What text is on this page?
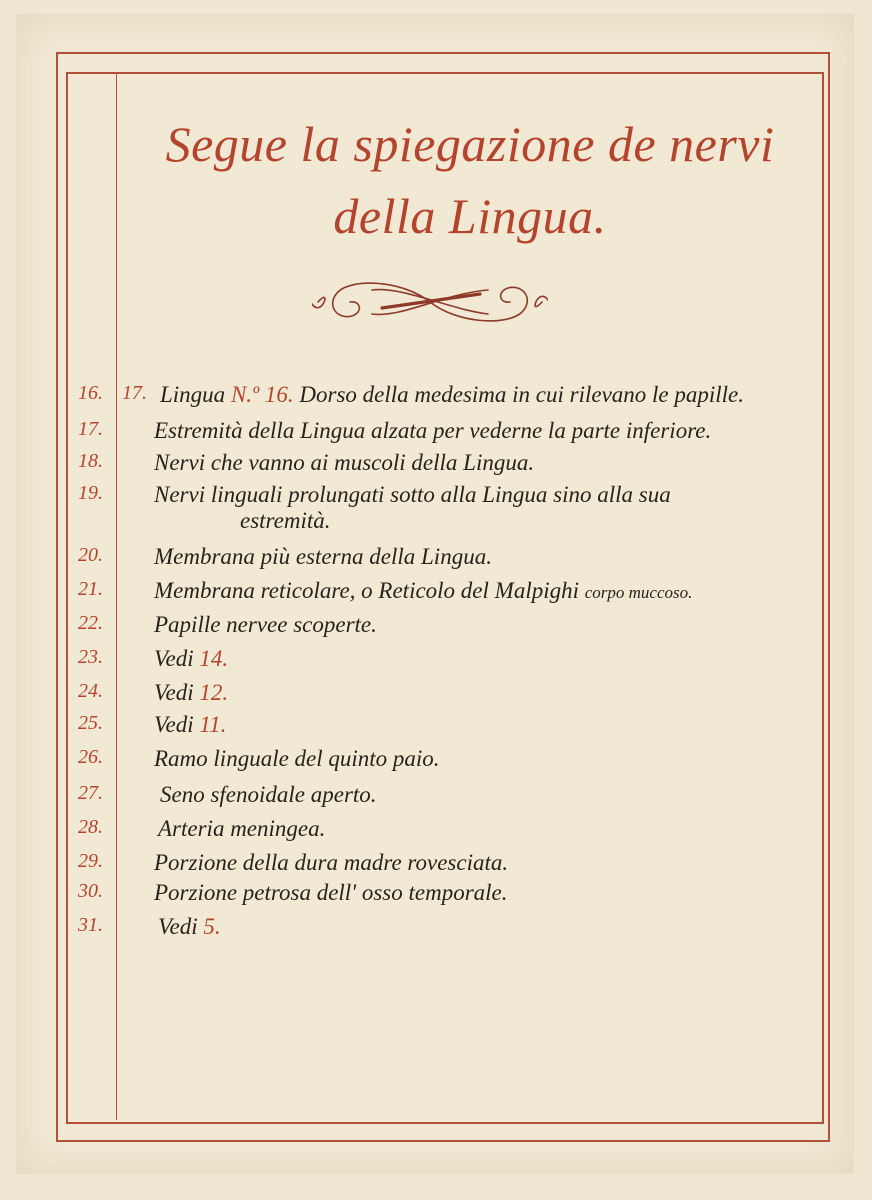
Segue la spiegazione de nervi
della Lingua.
16. 17. Lingua N.º 16. Dorso della medesima in cui rilevano le papille.
17.	Estremità della Lingua alzata per vederne la parte inferiore.
18.	Nervi che vanno ai muscoli della Lingua.
19.	Nervi linguali prolungati sotto alla Lingua sino alla sua
estremità.
20.	Membrana più esterna della Lingua.
21.	Membrana reticolare, o Reticolo del Malpighi corpo muccoso.
22.	Papille nervee scoperte.
23.	Vedi 14.
24.	Vedi 12.
25.	Vedi 11.
26.	Ramo linguale del quinto paio.
27.	Seno sfenoidale aperto.
28.	Arteria meningea.
29.	Porzione della dura madre rovesciata.
30.	Porzione petrosa dell' osso temporale.
31.	Vedi 5.
